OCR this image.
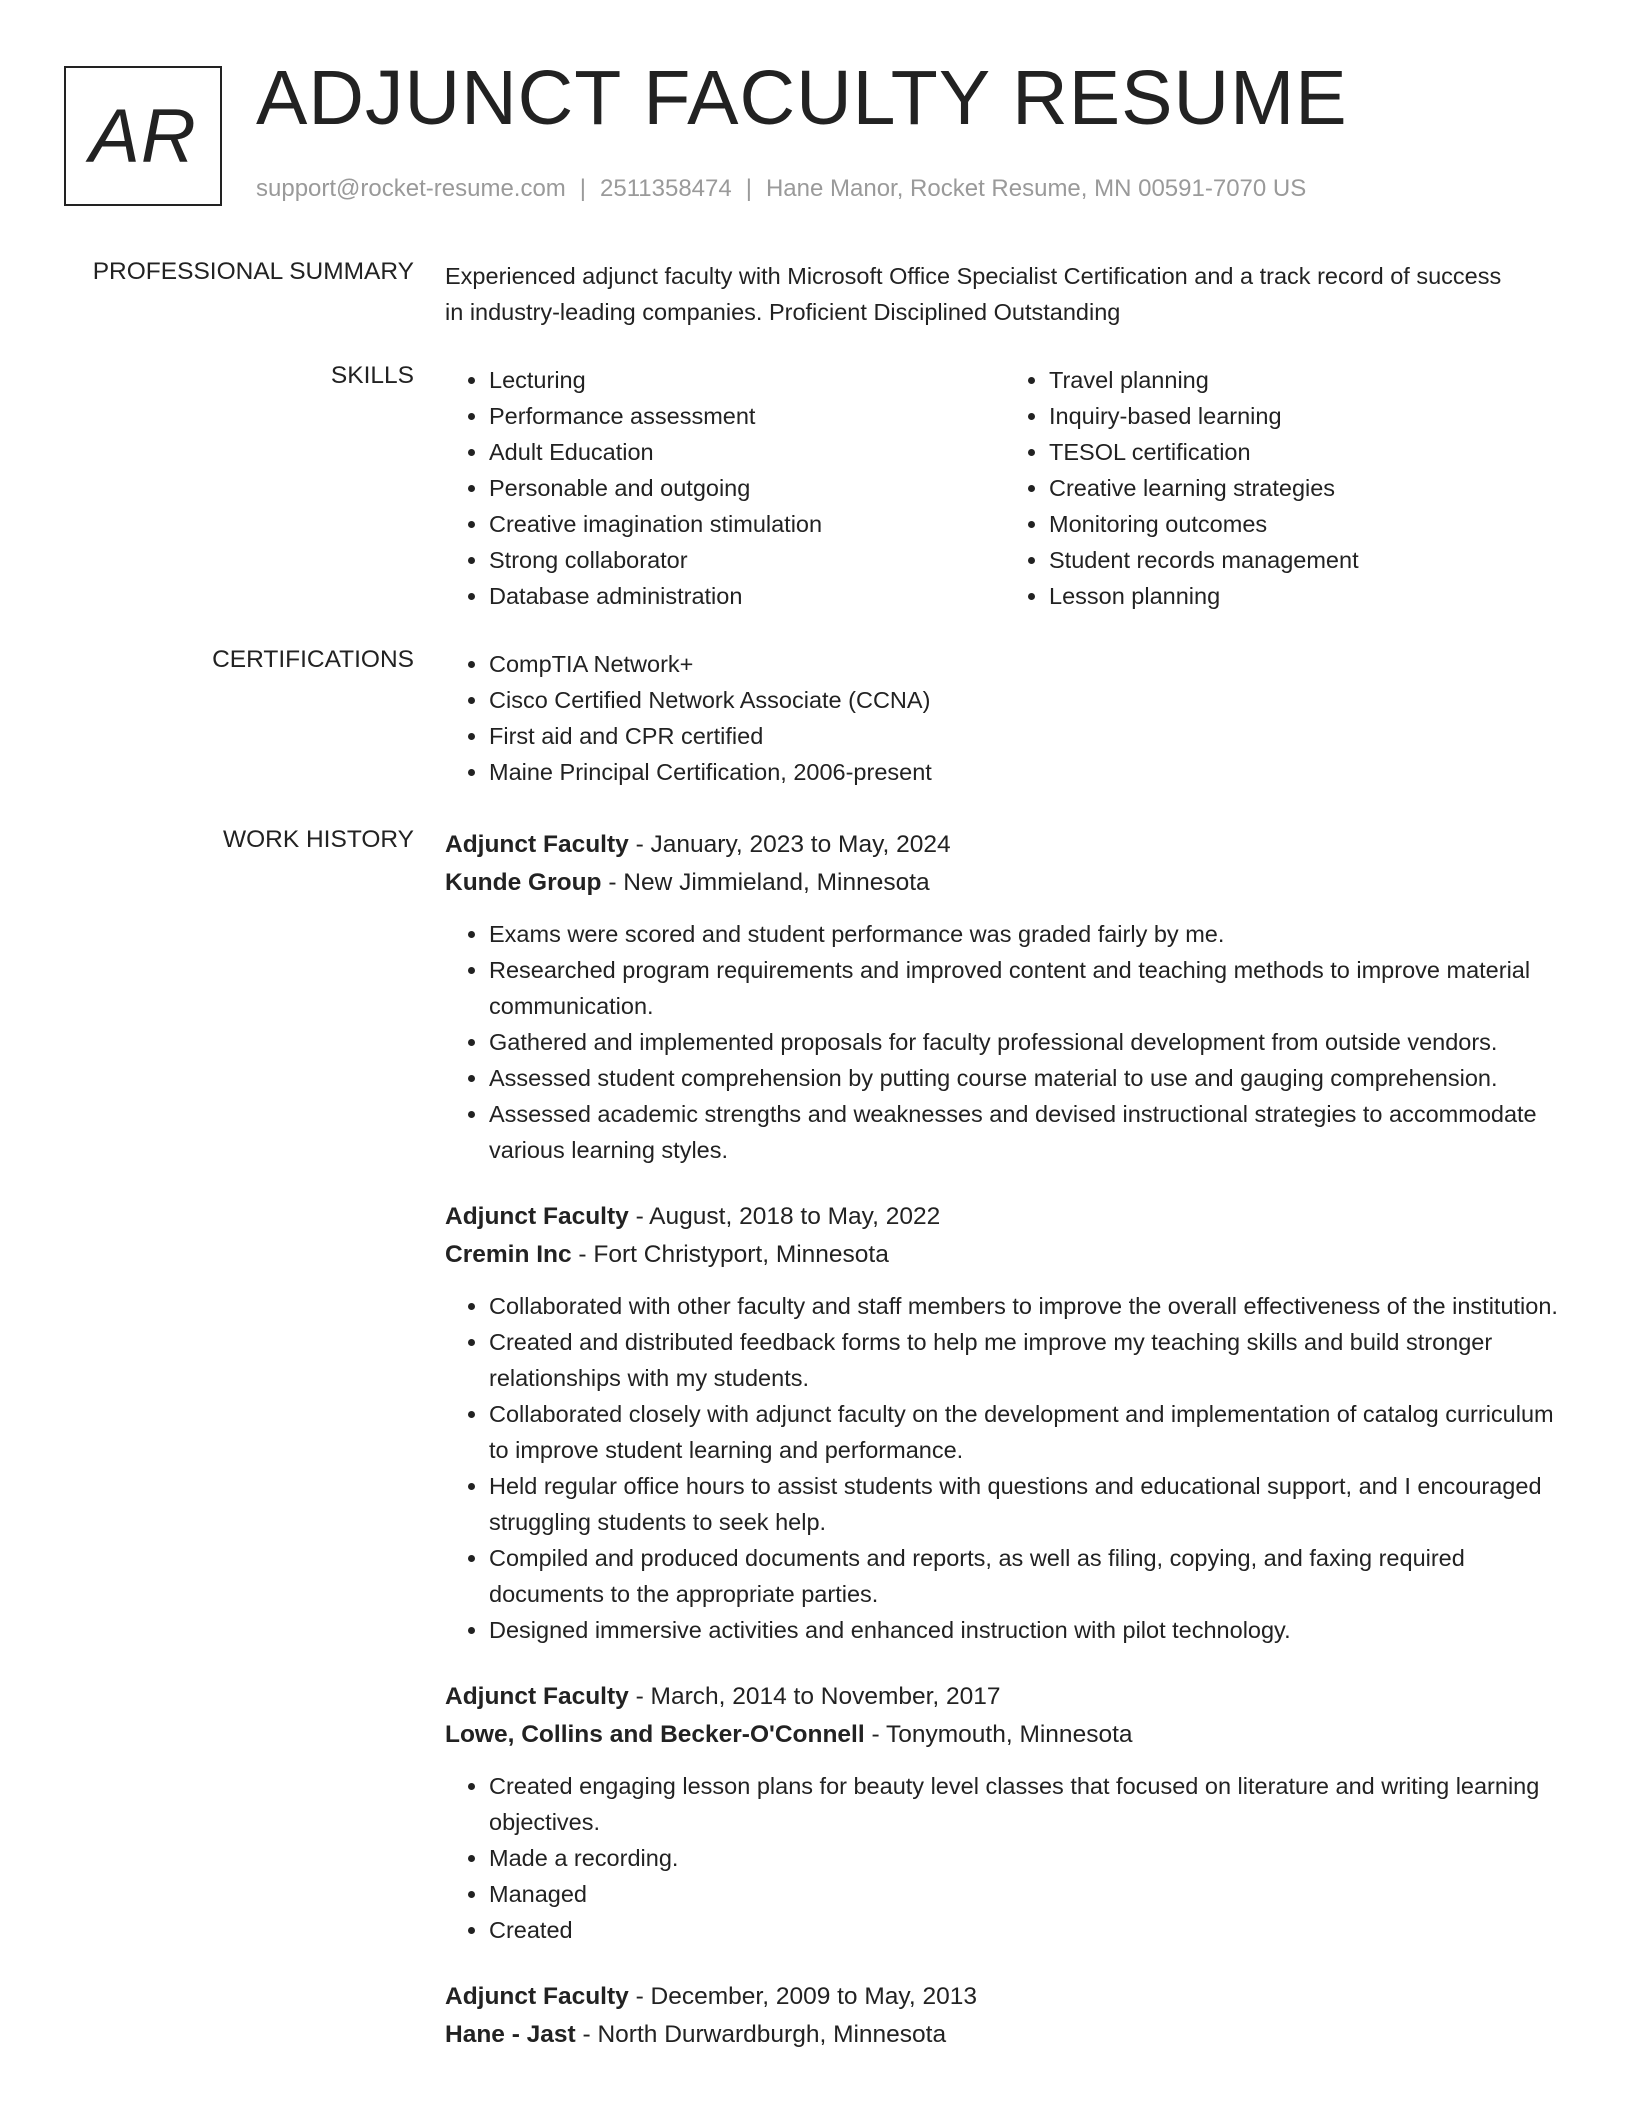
AR ADJUNCT FACULTY RESUME
support@rocket-resume.com | 2511358474 | Hane Manor, Rocket Resume, MN 00591-7070 US
PROFESSIONAL SUMMARY Experienced adjunct faculty with Microsoft Office Specialist Certification and a track record of success in industry-leading companies. Proficient Disciplined Outstanding

SKILLS	• Lecturing
• Performance assessment
• Adult Education
• Personable and outgoing
• Creative imagination stimulation
• Strong collaborator
• Database administration
• Travel planning
• Inquiry-based learning
• TESOL certification
• Creative learning strategies
• Monitoring outcomes
• Student records management
• Lesson planning
CERTIFICATIONS	• CompTIA Network+
• Cisco Certified Network Associate (CCNA)
• First aid and CPR certified
• Maine Principal Certification, 2006-present
WORK HISTORY Adjunct Faculty - January, 2023 to May, 2024
Kunde Group - New Jimmieland, Minnesota
• Exams were scored and student performance was graded fairly by me.
• Researched program requirements and improved content and teaching methods to improve material communication.
• Gathered and implemented proposals for faculty professional development from outside vendors.
• Assessed student comprehension by putting course material to use and gauging comprehension.
• Assessed academic strengths and weaknesses and devised instructional strategies to accommodate various learning styles.
Adjunct Faculty - August, 2018 to May, 2022
Cremin Inc - Fort Christyport, Minnesota
• Collaborated with other faculty and staff members to improve the overall effectiveness of the institution.
• Created and distributed feedback forms to help me improve my teaching skills and build stronger relationships with my students.
• Collaborated closely with adjunct faculty on the development and implementation of catalog curriculum to improve student learning and performance.
• Held regular office hours to assist students with questions and educational support, and I encouraged struggling students to seek help.
• Compiled and produced documents and reports, as well as filing, copying, and faxing required documents to the appropriate parties.
• Designed immersive activities and enhanced instruction with pilot technology.
Adjunct Faculty - March, 2014 to November, 2017
Lowe, Collins and Becker-O'Connell - Tonymouth, Minnesota
• Created engaging lesson plans for beauty level classes that focused on literature and writing learning objectives.
• Made a recording.
• Managed
• Created
Adjunct Faculty - December, 2009 to May, 2013
Hane - Jast - North Durwardburgh, Minnesota
